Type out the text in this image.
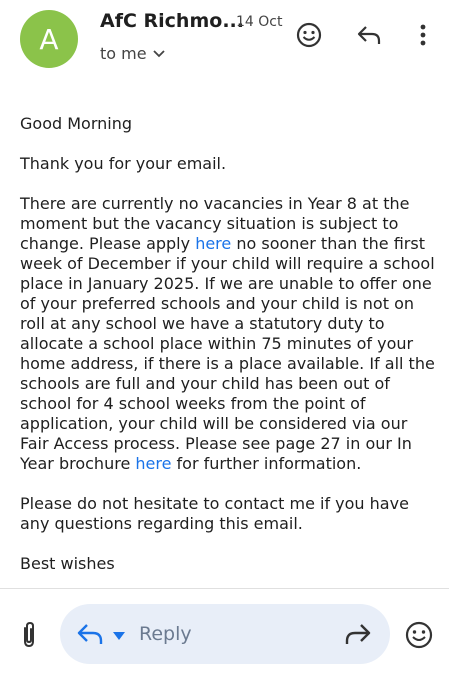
A
AfC Richmo...
14 Oct
to me

Good Morning

Thank you for your email.

There are currently no vacancies in Year 8 at the moment but the vacancy situation is subject to change. Please apply here no sooner than the first week of December if your child will require a school place in January 2025. If we are unable to offer one of your preferred schools and your child is not on roll at any school we have a statutory duty to allocate a school place within 75 minutes of your home address, if there is a place available. If all the schools are full and your child has been out of school for 4 school weeks from the point of application, your child will be considered via our Fair Access process. Please see page 27 in our In Year brochure here for further information.

Please do not hesitate to contact me if you have any questions regarding this email.

Best wishes

Reply
